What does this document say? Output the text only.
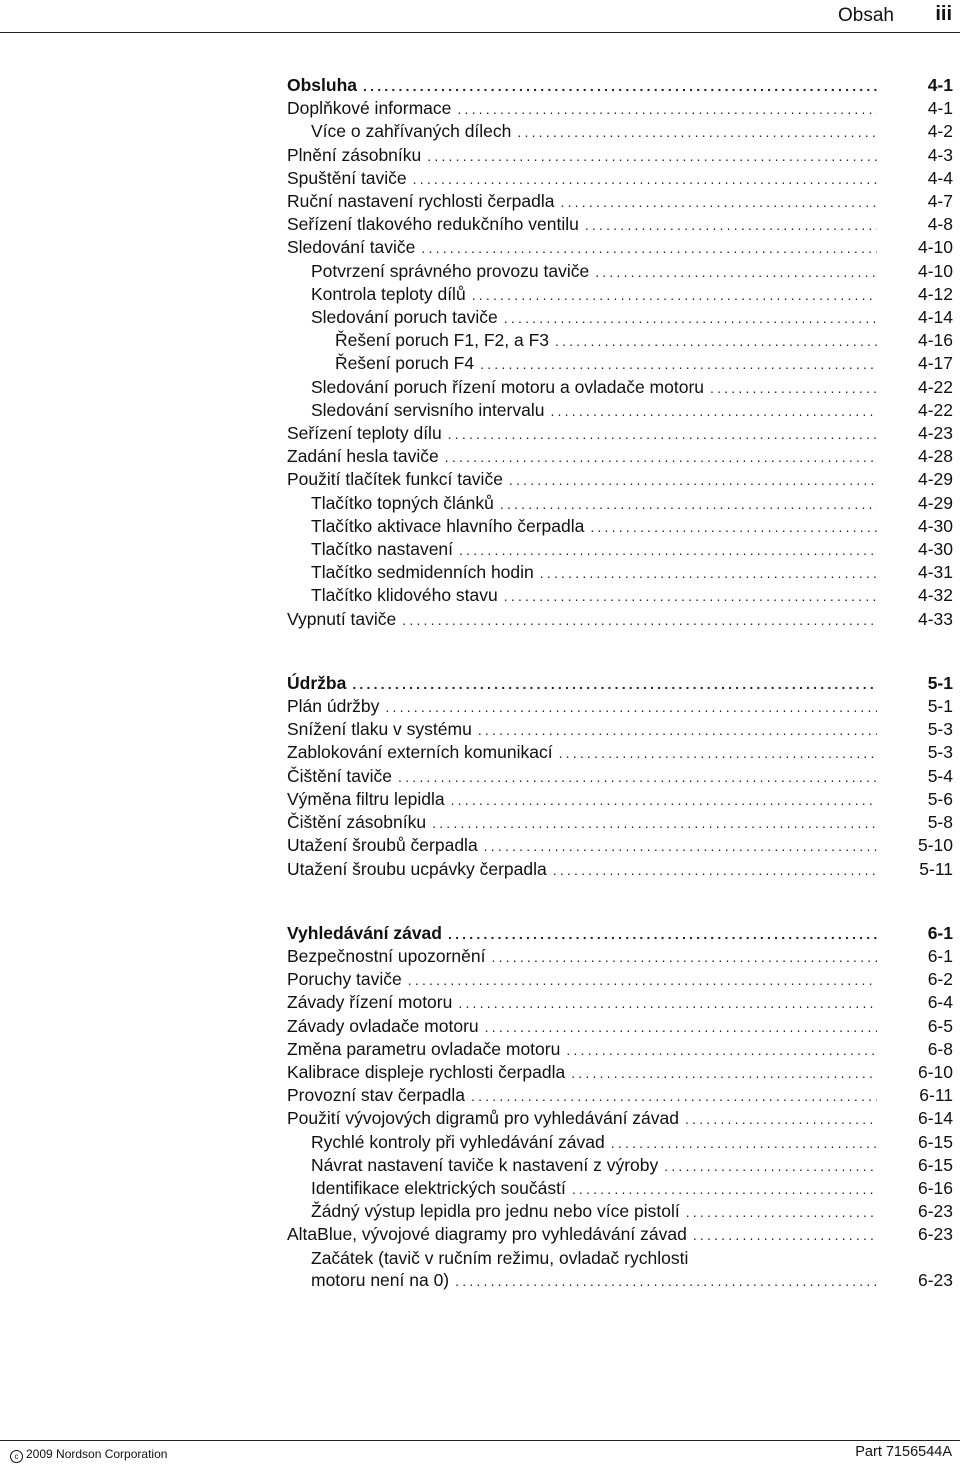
Obsah iii
Obsluha .....	4-1
Doplňkové informace .....	4-1
Více o zahřívaných dílech .....	4-2
Plnění zásobníku .....	4-3
Spuštění taviče .....	4-4
Ruční nastavení rychlosti čerpadla .....	4-7
Seřízení tlakového redukčního ventilu .....	4-8
Sledování taviče .....	4-10
Potvrzení správného provozu taviče .....	4-10
Kontrola teploty dílů .....	4-12
Sledování poruch taviče .....	4-14
Řešení poruch F1, F2, a F3 .....	4-16
Řešení poruch F4 .....	4-17
Sledování poruch řízení motoru a ovladače motoru .....	4-22
Sledování servisního intervalu .....	4-22
Seřízení teploty dílu .....	4-23
Zadání hesla taviče .....	4-28
Použití tlačítek funkcí taviče .....	4-29
Tlačítko topných článků .....	4-29
Tlačítko aktivace hlavního čerpadla .....	4-30
Tlačítko nastavení .....	4-30
Tlačítko sedmidenních hodin .....	4-31
Tlačítko klidového stavu .....	4-32
Vypnutí taviče .....	4-33
Údržba .....	5-1
Plán údržby .....	5-1
Snížení tlaku v systému .....	5-3
Zablokování externích komunikací .....	5-3
Čištění taviče .....	5-4
Výměna filtru lepidla .....	5-6
Čištění zásobníku .....	5-8
Utažení šroubů čerpadla .....	5-10
Utažení šroubu ucpávky čerpadla .....	5-11
Vyhledávání závad .....	6-1
Bezpečnostní upozornění .....	6-1
Poruchy taviče .....	6-2
Závady řízení motoru .....	6-4
Závady ovladače motoru .....	6-5
Změna parametru ovladače motoru .....	6-8
Kalibrace displeje rychlosti čerpadla .....	6-10
Provozní stav čerpadla .....	6-11
Použití vývojových digramů pro vyhledávání závad .....	6-14
Rychlé kontroly při vyhledávání závad .....	6-15
Návrat nastavení taviče k nastavení z výroby .....	6-15
Identifikace elektrických součástí .....	6-16
Žádný výstup lepidla pro jednu nebo více pistolí .....	6-23
AltaBlue, vývojové diagramy pro vyhledávání závad .....	6-23
Začátek (tavič v ručním režimu, ovladač rychlosti
motoru není na 0) .....	6-23
c 2009 Nordson Corporation	Part 7156544A
